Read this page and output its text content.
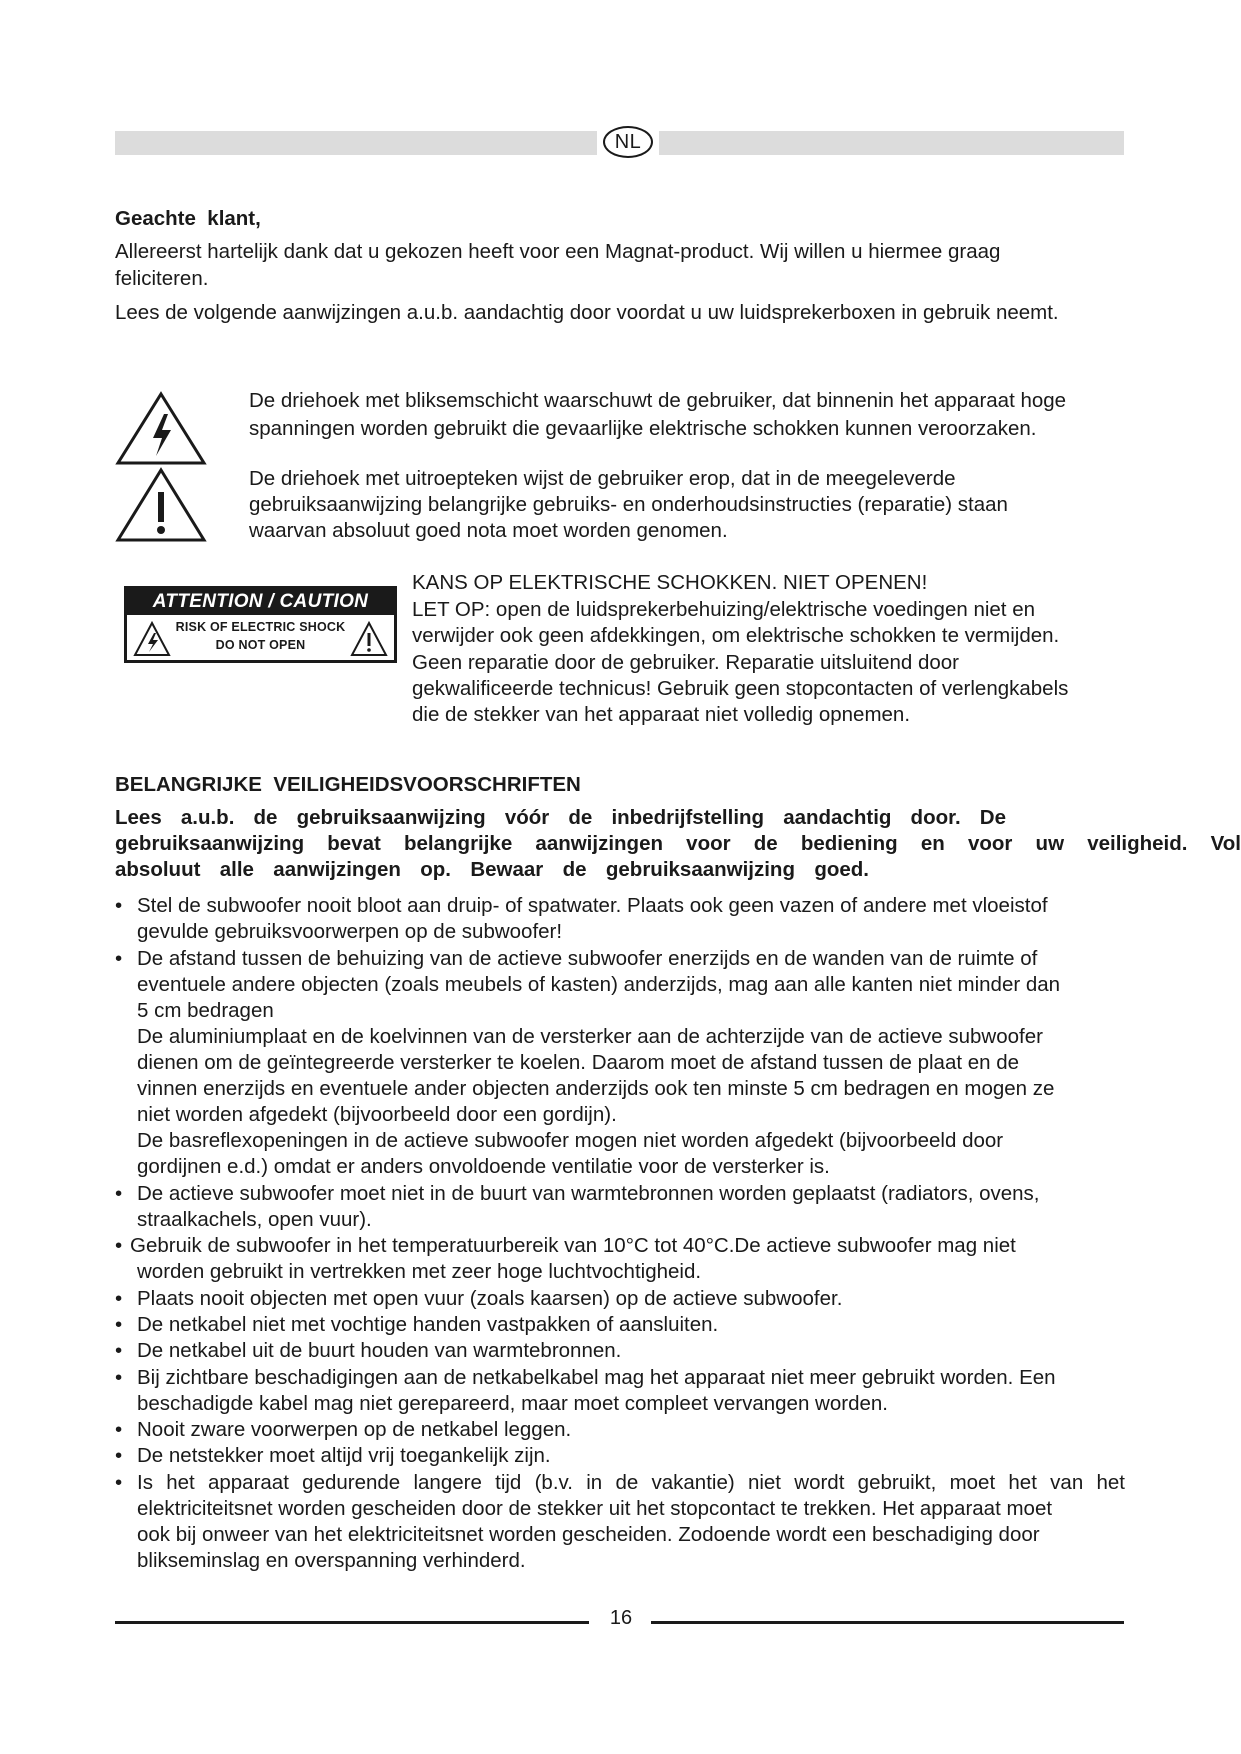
NL
Geachte  klant,
Allereerst hartelijk dank dat u gekozen heeft voor een Magnat-product. Wij willen u hiermee graag
feliciteren.
Lees de volgende aanwijzingen a.u.b. aandachtig door voordat u uw luidsprekerboxen in gebruik neemt.
De driehoek met bliksemschicht waarschuwt de gebruiker, dat binnenin het apparaat hoge
spanningen worden gebruikt die gevaarlijke elektrische schokken kunnen veroorzaken.
De driehoek met uitroepteken wijst de gebruiker erop, dat in de meegeleverde
gebruiksaanwijzing belangrijke gebruiks- en onderhoudsinstructies (reparatie) staan
waarvan absoluut goed nota moet worden genomen.
ATTENTION / CAUTION
RISK OF ELECTRIC SHOCK
DO NOT OPEN
KANS OP ELEKTRISCHE SCHOKKEN. NIET OPENEN!
LET OP: open de luidsprekerbehuizing/elektrische voedingen niet en
verwijder ook geen afdekkingen, om elektrische schokken te vermijden.
Geen reparatie door de gebruiker. Reparatie uitsluitend door
gekwalificeerde technicus! Gebruik geen stopcontacten of verlengkabels
die de stekker van het apparaat niet volledig opnemen.
BELANGRIJKE  VEILIGHEIDSVOORSCHRIFTEN
Lees a.u.b. de gebruiksaanwijzing vóór de inbedrijfstelling aandachtig door. De
gebruiksaanwijzing bevat belangrijke aanwijzingen voor de bediening en voor uw veiligheid. Vol
absoluut alle aanwijzingen op. Bewaar de gebruiksaanwijzing goed.
• Stel de subwoofer nooit bloot aan druip- of spatwater. Plaats ook geen vazen of andere met vloeistof
gevulde gebruiksvoorwerpen op de subwoofer!
• De afstand tussen de behuizing van de actieve subwoofer enerzijds en de wanden van de ruimte of
eventuele andere objecten (zoals meubels of kasten) anderzijds, mag aan alle kanten niet minder dan
5 cm bedragen
De aluminiumplaat en de koelvinnen van de versterker aan de achterzijde van de actieve subwoofer
dienen om de geïntegreerde versterker te koelen. Daarom moet de afstand tussen de plaat en de
vinnen enerzijds en eventuele ander objecten anderzijds ook ten minste 5 cm bedragen en mogen ze
niet worden afgedekt (bijvoorbeeld door een gordijn).
De basreflexopeningen in de actieve subwoofer mogen niet worden afgedekt (bijvoorbeeld door
gordijnen e.d.) omdat er anders onvoldoende ventilatie voor de versterker is.
• De actieve subwoofer moet niet in de buurt van warmtebronnen worden geplaatst (radiators, ovens,
straalkachels, open vuur).
• Gebruik de subwoofer in het temperatuurbereik van 10°C tot 40°C.De actieve subwoofer mag niet
worden gebruikt in vertrekken met zeer hoge luchtvochtigheid.
• Plaats nooit objecten met open vuur (zoals kaarsen) op de actieve subwoofer.
• De netkabel niet met vochtige handen vastpakken of aansluiten.
• De netkabel uit de buurt houden van warmtebronnen.
• Bij zichtbare beschadigingen aan de netkabelkabel mag het apparaat niet meer gebruikt worden. Een
beschadigde kabel mag niet gerepareerd, maar moet compleet vervangen worden.
• Nooit zware voorwerpen op de netkabel leggen.
• De netstekker moet altijd vrij toegankelijk zijn.
• Is het apparaat gedurende langere tijd (b.v. in de vakantie) niet wordt gebruikt, moet het van het
elektriciteitsnet worden gescheiden door de stekker uit het stopcontact te trekken. Het apparaat moet
ook bij onweer van het elektriciteitsnet worden gescheiden. Zodoende wordt een beschadiging door
bliksеminslag en overspanning verhinderd.
16
